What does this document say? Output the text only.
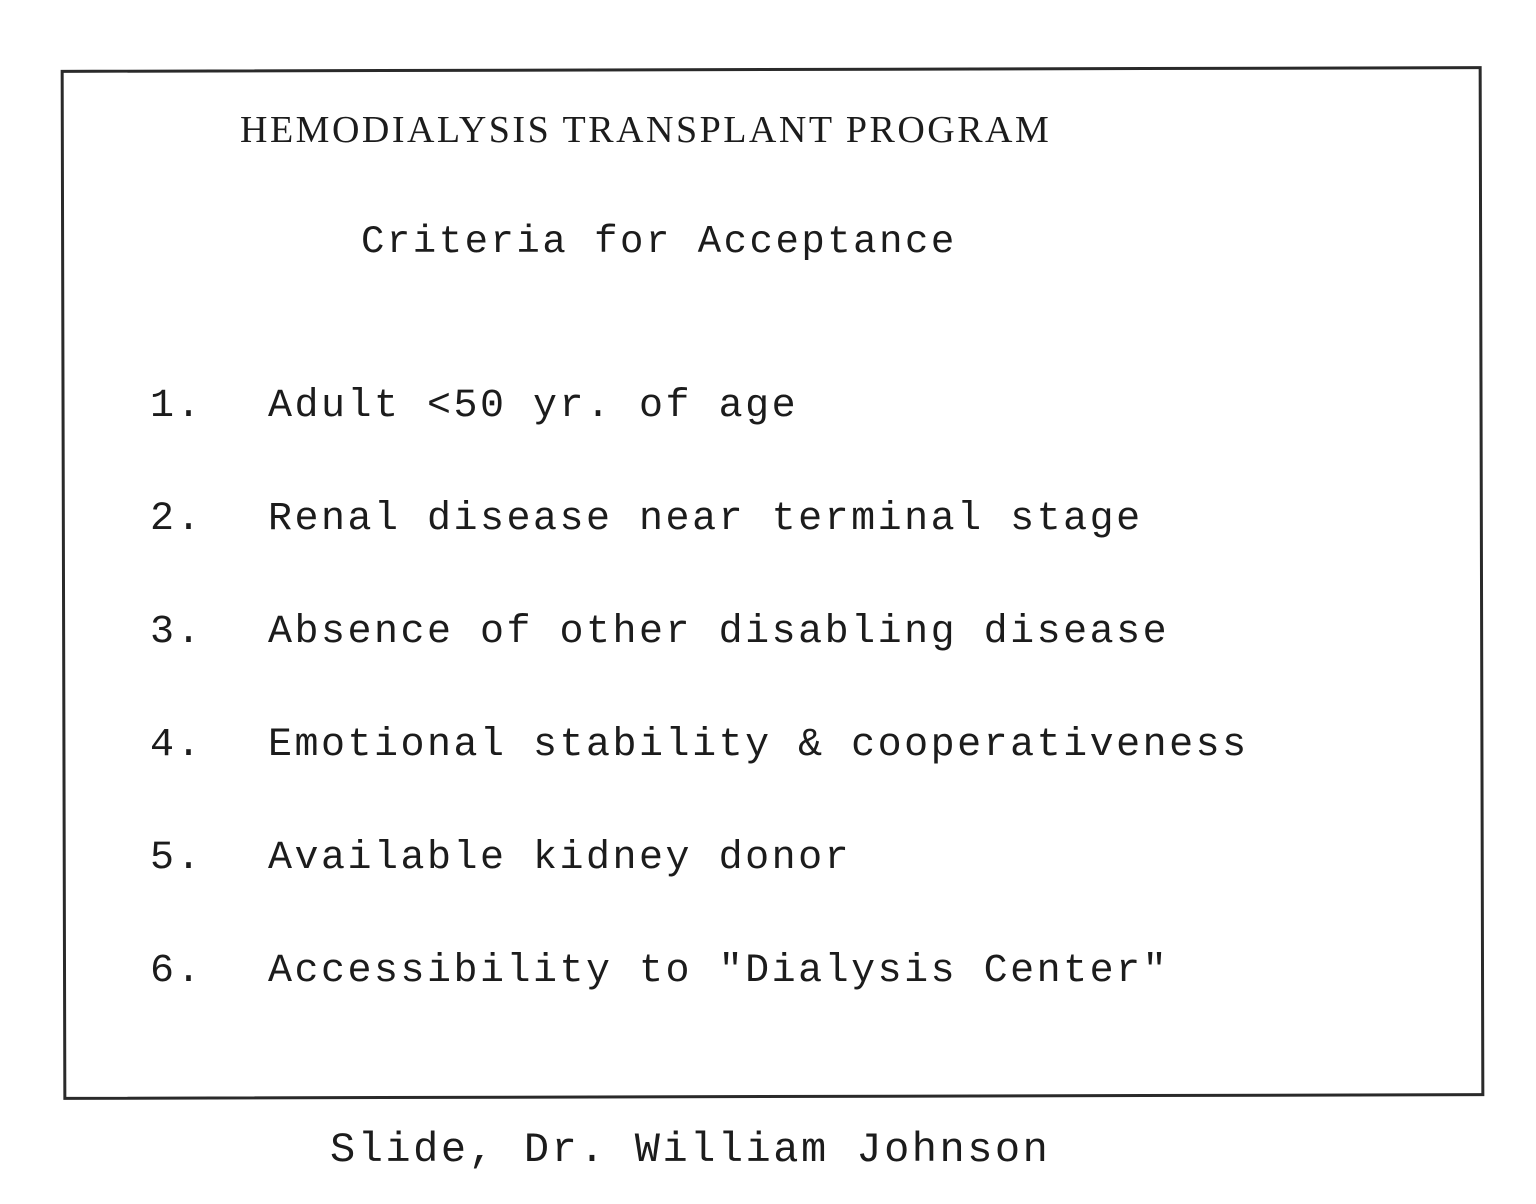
HEMODIALYSIS TRANSPLANT PROGRAM
Criteria for Acceptance
1.	Adult <50 yr. of age
2.	Renal disease near terminal stage
3.	Absence of other disabling disease
4.	Emotional stability & cooperativeness
5.	Available kidney donor
6.	Accessibility to "Dialysis Center"
Slide, Dr. William Johnson
